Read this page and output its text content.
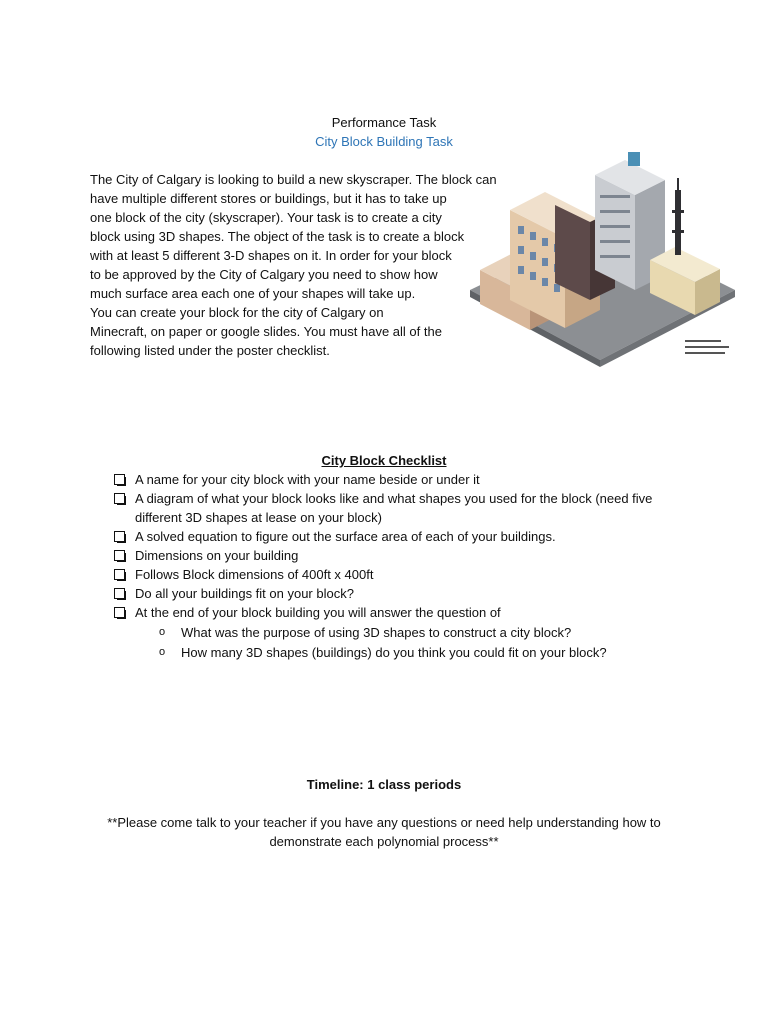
Performance Task
City Block Building Task
The City of Calgary is looking to build a new skyscraper. The block can
have multiple different stores or buildings, but it has to take up
one block of the city (skyscraper). Your task is to create a city
block using 3D shapes. The object of the task is to create a block
with at least 5 different 3-D shapes on it. In order for your block
to be approved by the City of Calgary you need to show how
much surface area each one of your shapes will take up.
You can create your block for the city of Calgary on
Minecraft, on paper or google slides. You must have all of the
following listed under the poster checklist.
City Block Checklist
A name for your city block with your name beside or under it
A diagram of what your block looks like and what shapes you used for the block (need five different 3D shapes at lease on your block)
A solved equation to figure out the surface area of each of your buildings.
Dimensions on your building
Follows Block dimensions of 400ft x 400ft
Do all your buildings fit on your block?
At the end of your block building you will answer the question of
o What was the purpose of using 3D shapes to construct a city block?
o How many 3D shapes (buildings) do you think you could fit on your block?
Timeline: 1 class periods
**Please come talk to your teacher if you have any questions or need help understanding how to demonstrate each polynomial process**
